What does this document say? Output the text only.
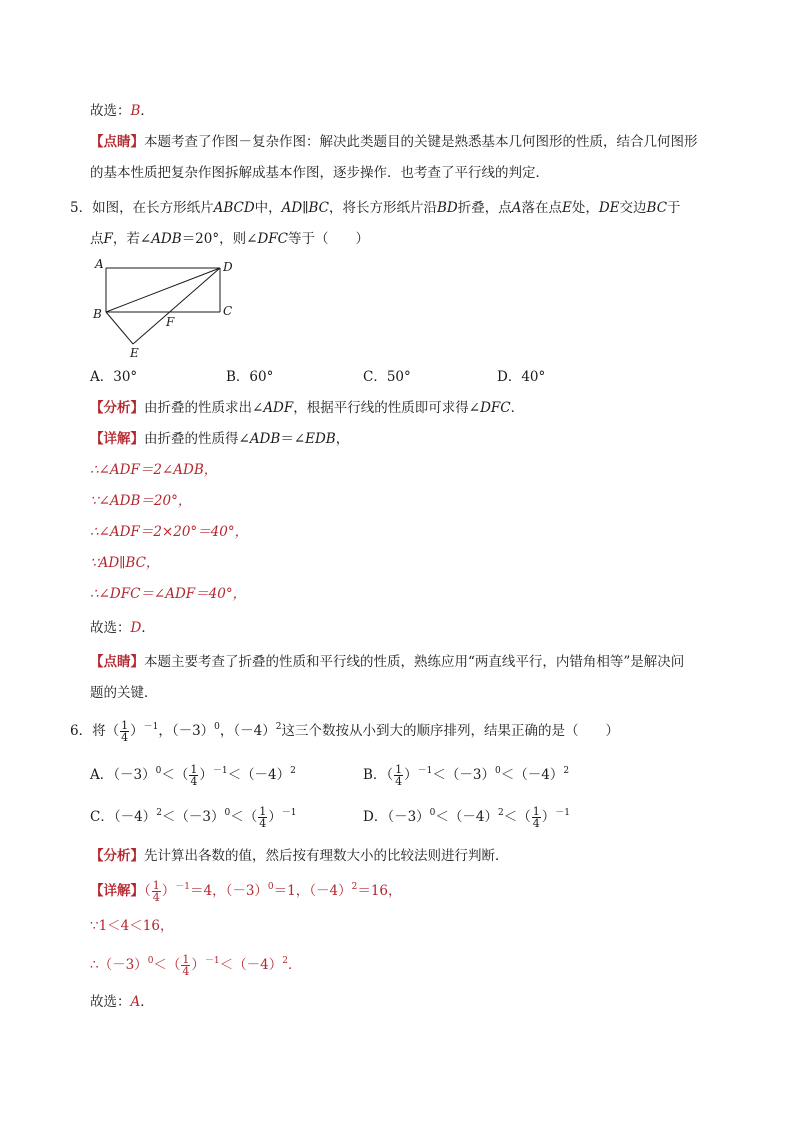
故选：B．
【点睛】本题考查了作图－复杂作图：解决此类题目的关键是熟悉基本几何图形的性质，结合几何图形
的基本性质把复杂作图拆解成基本作图，逐步操作．也考查了平行线的判定．
5．如图，在长方形纸片ABCD中，AD∥BC，将长方形纸片沿BD折叠，点A落在点E处，DE交边BC于
点F，若∠ADB＝20°，则∠DFC等于（　　）
A	D
B	C
F
E
A．30°	B．60°	C．50°	D．40°
【分析】由折叠的性质求出∠ADF，根据平行线的性质即可求得∠DFC．
【详解】由折叠的性质得∠ADB＝∠EDB，
∴∠ADF＝2∠ADB，
∵∠ADB＝20°，
∴∠ADF＝2×20°＝40°，
∵AD∥BC，
∴∠DFC＝∠ADF＝40°，
故选：D．
【点睛】本题主要考查了折叠的性质和平行线的性质，熟练应用“两直线平行，内错角相等”是解决问
题的关键．
6．将（ $\frac{1}{4} )^{-1}$，$(-3)^0$，$(-4)^2$这三个数按从小到大的顺序排列，结果正确的是（　　）
A．$(-3)^0<( \frac{1}{4} )^{-1}<(-4)^2$	B．（ $\frac{1}{4} )^{-1}<(-3)^0<(-4)^2$
C．$(-4)^2<(-3)^0<( \frac{1}{4} )^{-1}$	D．$(-3)^0<(-4)^2<( \frac{1}{4} )^{-1}$
【分析】先计算出各数的值，然后按有理数大小的比较法则进行判断．
【详解】（ $\frac{1}{4} )^{-1}=4$，$(-3)^0=1$，$(-4)^2=16$，
∵1＜4＜16，
$\therefore(-3)^0<( \frac{1}{4} )^{-1}<(-4)^2$．
故选：A．
